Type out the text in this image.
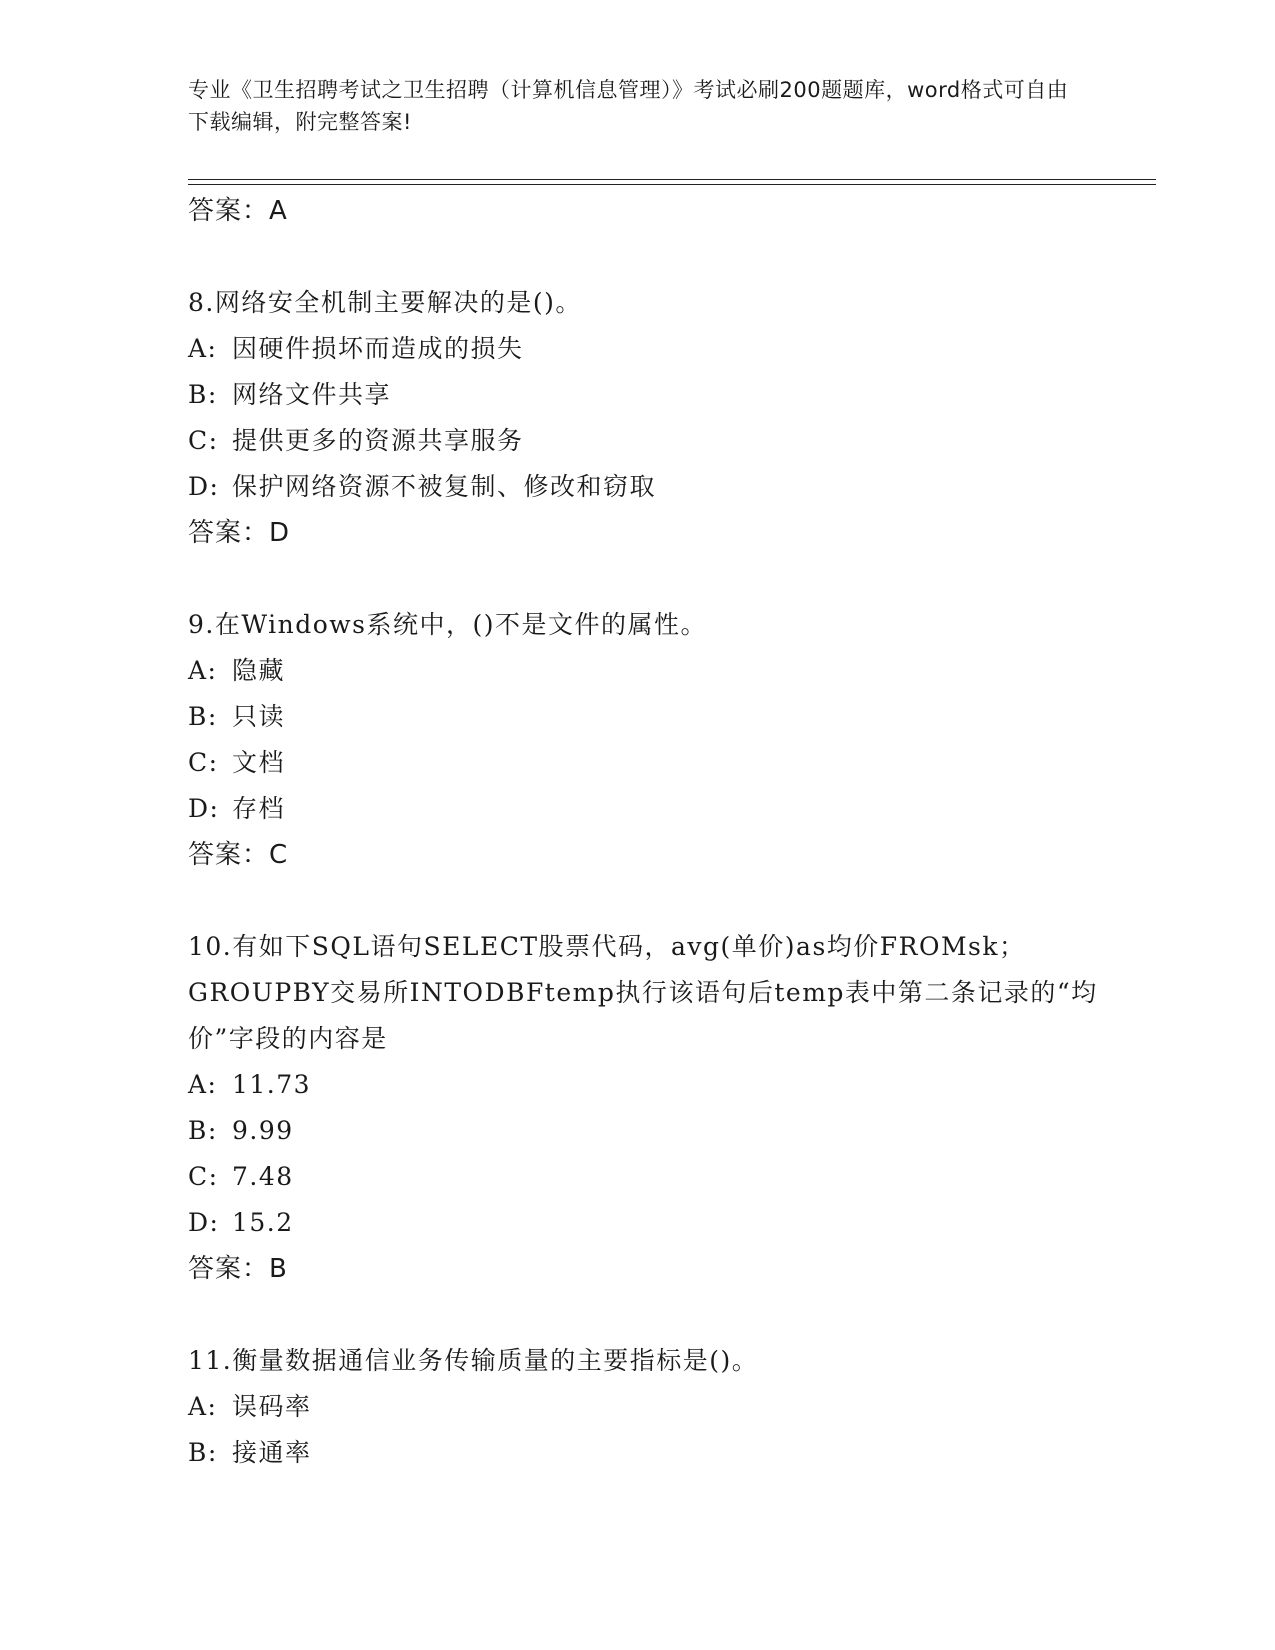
专业《卫生招聘考试之卫生招聘（计算机信息管理）》考试必刷200题题库，word格式可自由下载编辑，附完整答案!
答案：A
8.网络安全机制主要解决的是()。
A: 因硬件损坏而造成的损失
B: 网络文件共享
C: 提供更多的资源共享服务
D: 保护网络资源不被复制、修改和窃取
答案：D
9.在Windows系统中，()不是文件的属性。
A: 隐藏
B: 只读
C: 文档
D: 存档
答案：C
10.有如下SQL语句SELECT股票代码，avg(单价)as均价FROMsk；GROUPBY交易所INTODBFtemp执行该语句后temp表中第二条记录的“均价”字段的内容是
A: 11.73
B: 9.99
C: 7.48
D: 15.2
答案：B
11.衡量数据通信业务传输质量的主要指标是()。
A: 误码率
B: 接通率
